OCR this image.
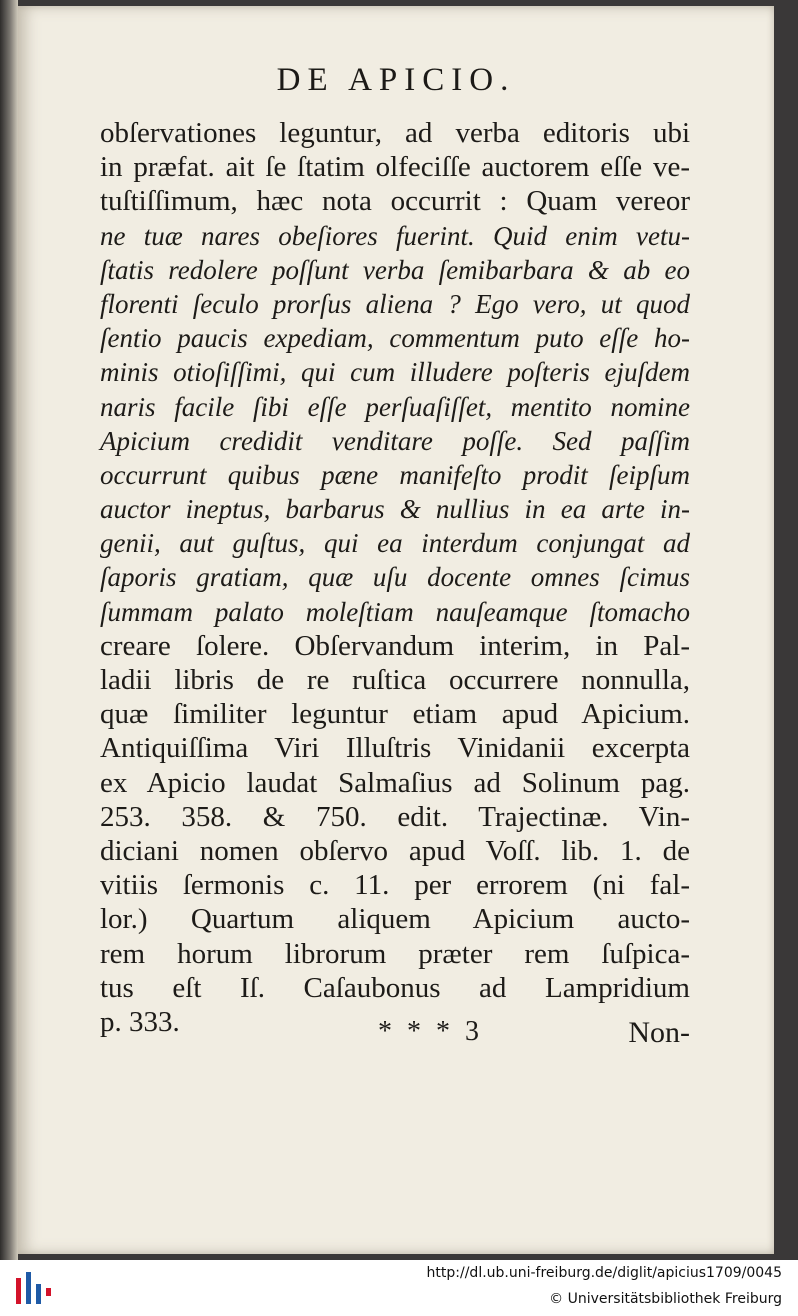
DE APICIO.
obſervationes leguntur, ad verba editoris ubi
in præfat. ait ſe ſtatim olfeciſſe auctorem eſſe ve-
tuſtiſſimum, hæc nota occurrit : Quam vereor
ne tuæ nares obeſiores fuerint. Quid enim vetu-
ſtatis redolere poſſunt verba ſemibarbara & ab eo
florenti ſeculo prorſus aliena ? Ego vero, ut quod
ſentio paucis expediam, commentum puto eſſe ho-
minis otioſiſſimi, qui cum illudere poſteris ejuſdem
naris facile ſibi eſſe perſuaſiſſet, mentito nomine
Apicium credidit venditare poſſe. Sed paſſim
occurrunt quibus pæne manifeſto prodit ſeipſum
auctor ineptus, barbarus & nullius in ea arte in-
genii, aut guſtus, qui ea interdum conjungat ad
ſaporis gratiam, quæ uſu docente omnes ſcimus
ſummam palato moleſtiam nauſeamque ſtomacho
creare ſolere. Obſervandum interim, in Pal-
ladii libris de re ruſtica occurrere nonnulla,
quæ ſimiliter leguntur etiam apud Apicium.
Antiquiſſima Viri Illuſtris Vinidanii excerpta
ex Apicio laudat Salmaſius ad Solinum pag.
253. 358. & 750. edit. Trajectinæ. Vin-
diciani nomen obſervo apud Voſſ. lib. 1. de
vitiis ſermonis c. 11. per errorem (ni fal-
lor.) Quartum aliquem Apicium aucto-
rem horum librorum præter rem ſuſpica-
tus eſt Iſ. Caſaubonus ad Lampridium
p. 333.	* * * 3	Non-
http://dl.ub.uni-freiburg.de/diglit/apicius1709/0045
© Universitätsbibliothek Freiburg
